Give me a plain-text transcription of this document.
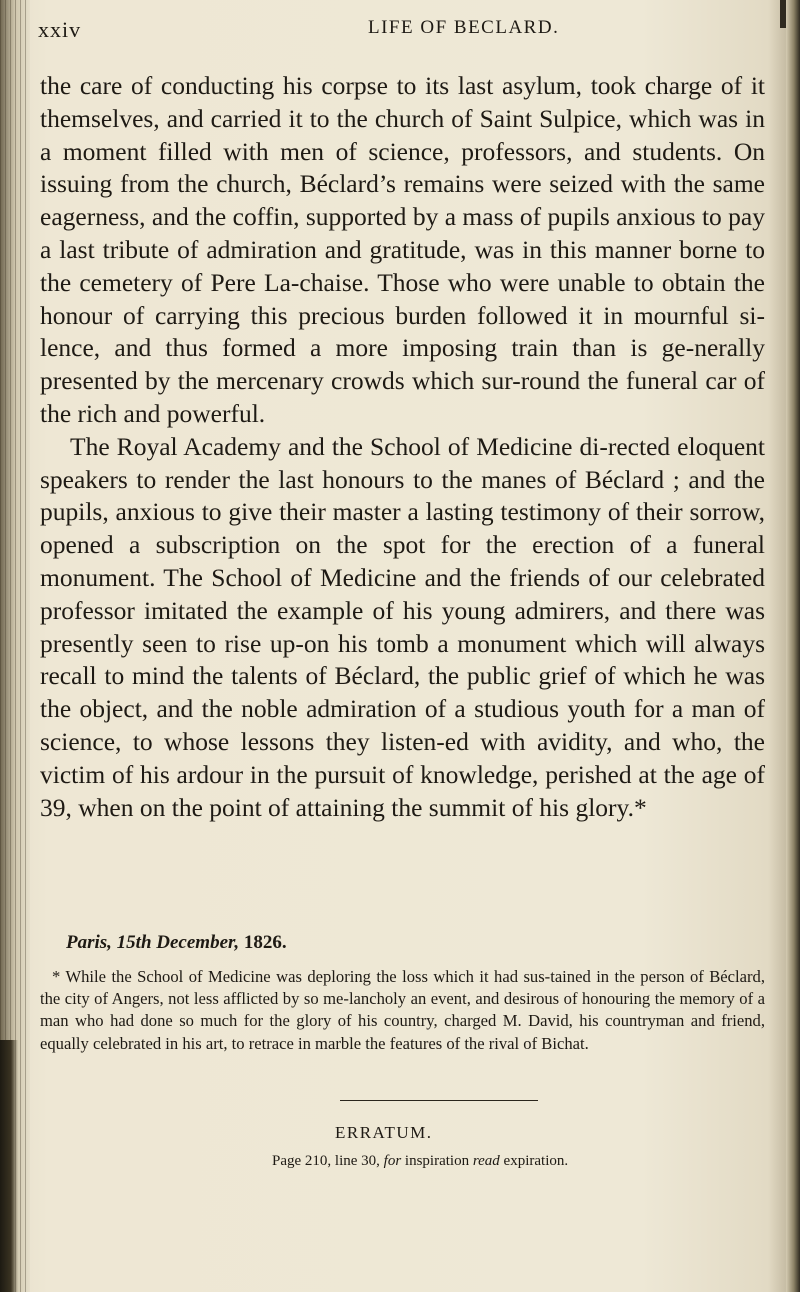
xxiv	LIFE OF BECLARD.

the care of conducting his corpse to its last asylum, took charge of it themselves, and carried it to the church of Saint Sulpice, which was in a moment filled with men of science, professors, and students. On issuing from the church, Béclard’s remains were seized with the same eagerness, and the coffin, supported by a mass of pupils anxious to pay a last tribute of admiration and gratitude, was in this manner borne to the cemetery of Pere La-chaise. Those who were unable to obtain the honour of carrying this precious burden followed it in mournful si-lence, and thus formed a more imposing train than is ge-nerally presented by the mercenary crowds which sur-round the funeral car of the rich and powerful.

The Royal Academy and the School of Medicine di-rected eloquent speakers to render the last honours to the manes of Béclard ; and the pupils, anxious to give their master a lasting testimony of their sorrow, opened a subscription on the spot for the erection of a funeral monument. The School of Medicine and the friends of our celebrated professor imitated the example of his young admirers, and there was presently seen to rise up-on his tomb a monument which will always recall to mind the talents of Béclard, the public grief of which he was the object, and the noble admiration of a studious youth for a man of science, to whose lessons they listen-ed with avidity, and who, the victim of his ardour in the pursuit of knowledge, perished at the age of 39, when on the point of attaining the summit of his glory.*

Paris, 15th December, 1826.

* While the School of Medicine was deploring the loss which it had sus-tained in the person of Béclard, the city of Angers, not less afflicted by so me-lancholy an event, and desirous of honouring the memory of a man who had done so much for the glory of his country, charged M. David, his countryman and friend, equally celebrated in his art, to retrace in marble the features of the rival of Bichat.

ERRATUM.
Page 210, line 30, for inspiration read expiration.
